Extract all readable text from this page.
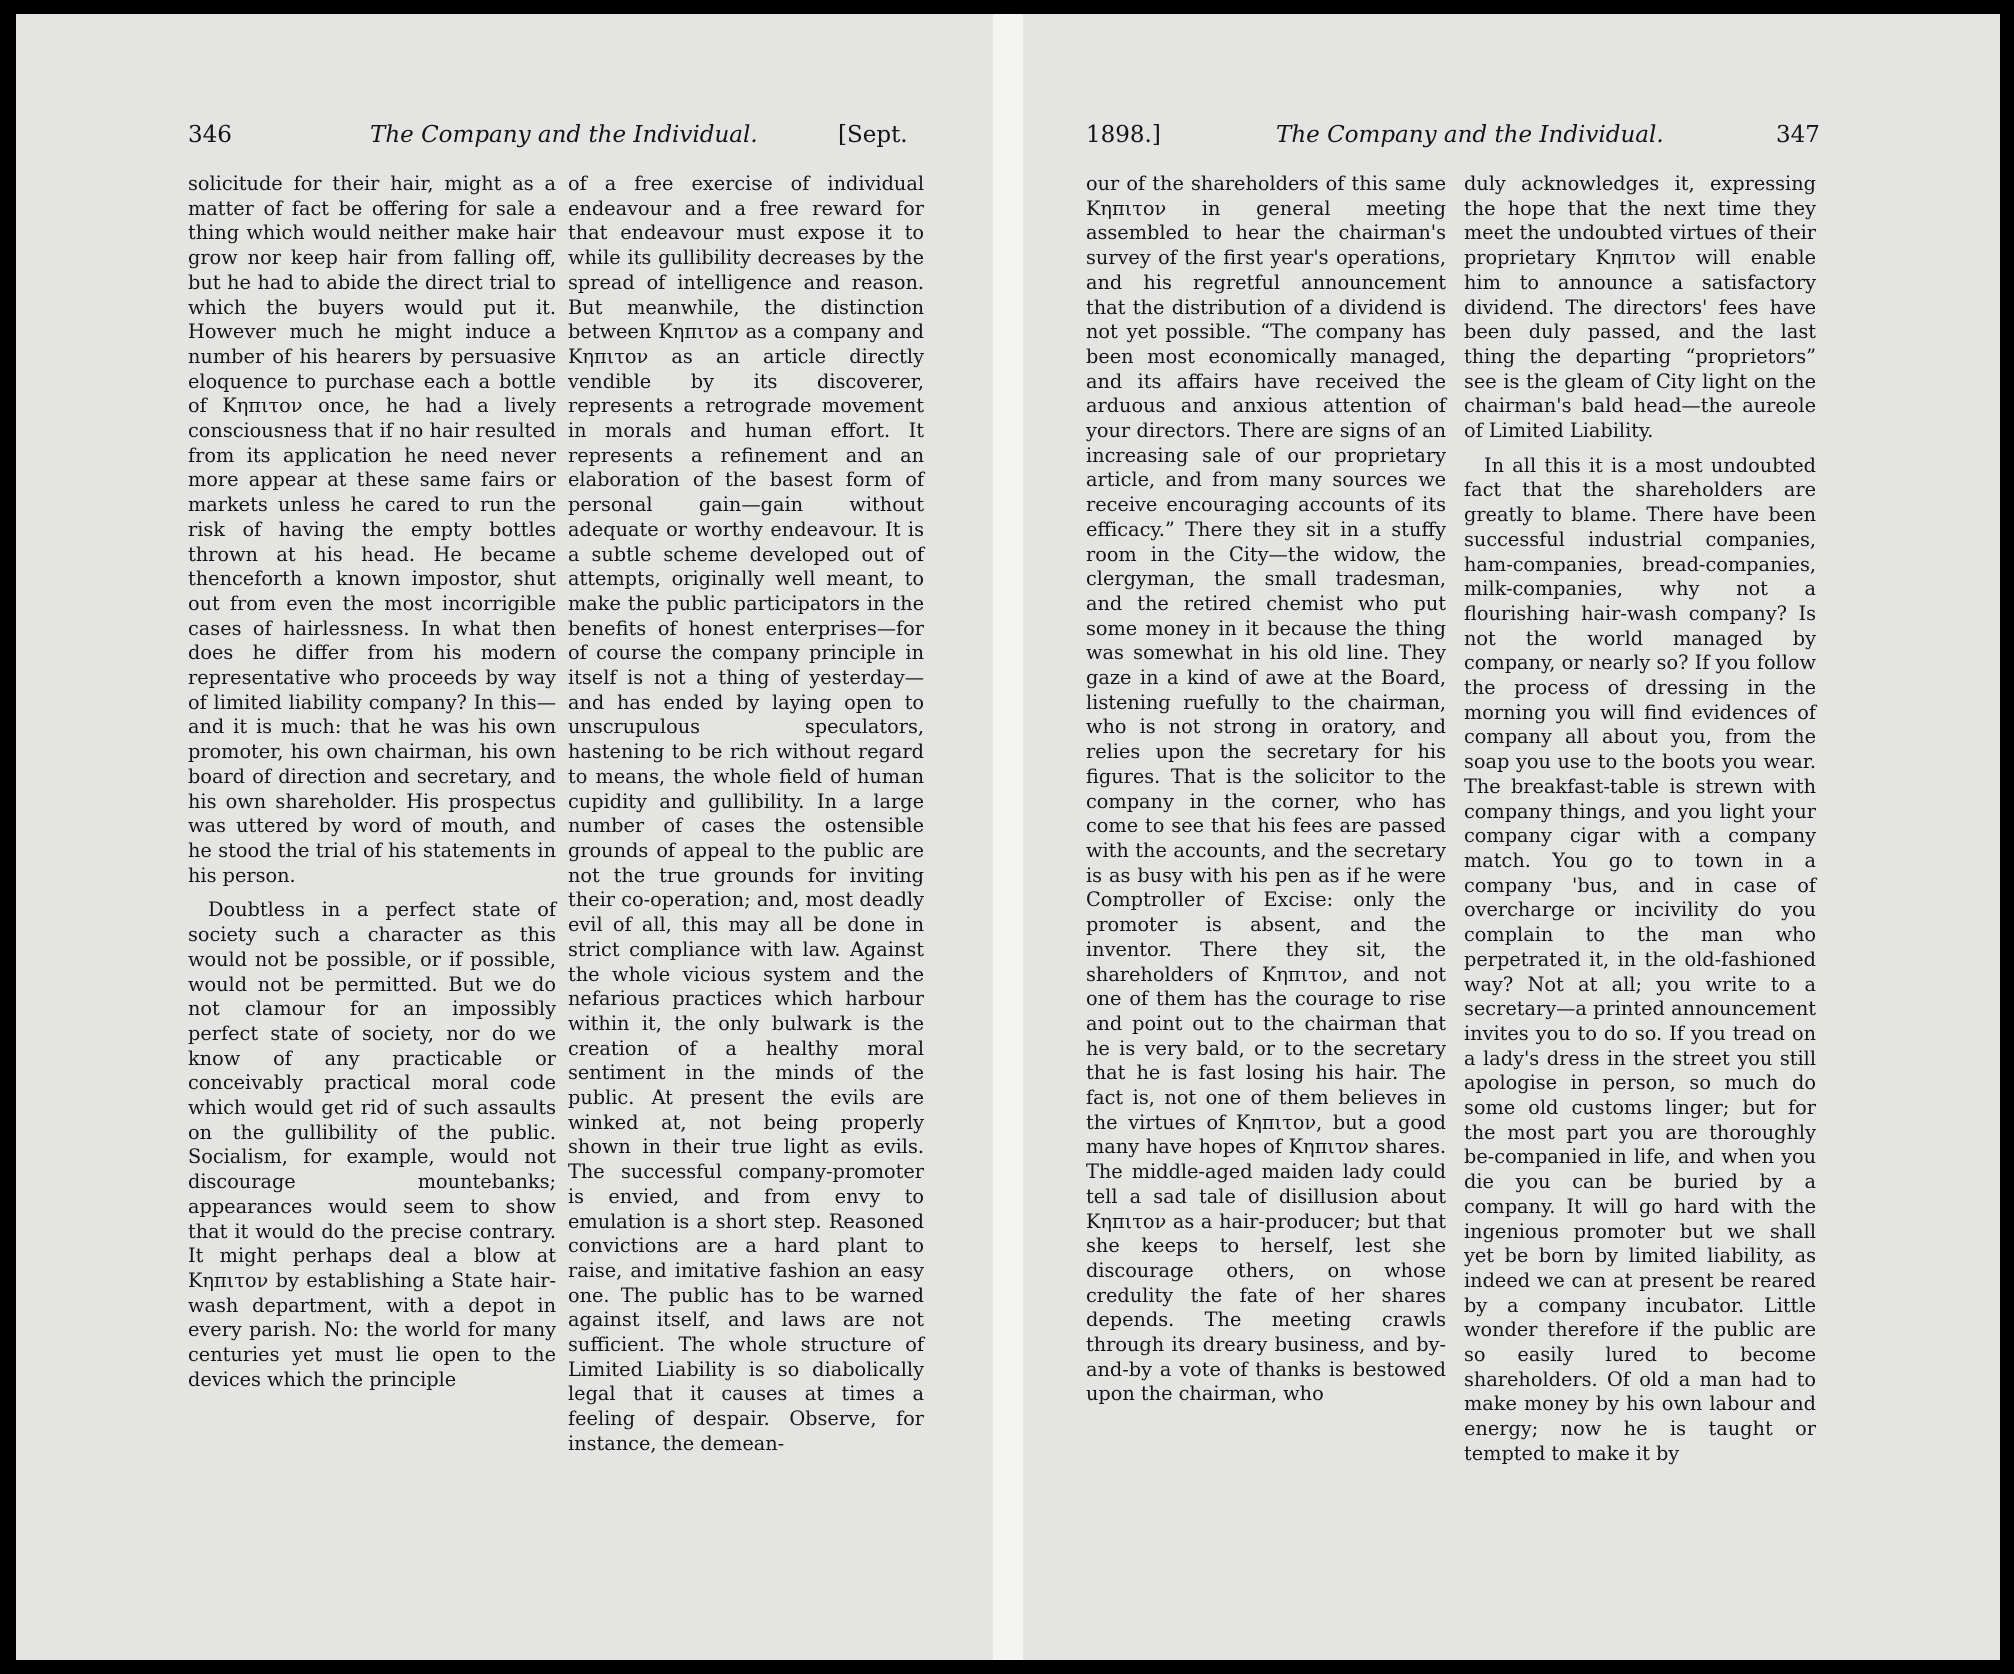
346	The Company and the Individual.	[Sept.	1898.]	The Company and the Individual.	347

solicitude for their hair, might as a matter of fact be offering for sale a thing which would neither make hair grow nor keep hair from falling off, but he had to abide the direct trial to which the buyers would put it. However much he might induce a number of his hearers by persuasive eloquence to purchase each a bottle of Κηπιτον once, he had a lively consciousness that if no hair resulted from its application he need never more appear at these same fairs or markets unless he cared to run the risk of having the empty bottles thrown at his head. He became thenceforth a known impostor, shut out from even the most incorrigible cases of hairlessness. In what then does he differ from his modern representative who proceeds by way of limited liability company? In this—and it is much: that he was his own promoter, his own chairman, his own board of direction and secretary, and his own shareholder. His prospectus was uttered by word of mouth, and he stood the trial of his statements in his person.

Doubtless in a perfect state of society such a character as this would not be possible, or if possible, would not be permitted. But we do not clamour for an impossibly perfect state of society, nor do we know of any practicable or conceivably practical moral code which would get rid of such assaults on the gullibility of the public. Socialism, for example, would not discourage mountebanks; appearances would seem to show that it would do the precise contrary. It might perhaps deal a blow at Κηπιτον by establishing a State hair-wash department, with a depot in every parish. No: the world for many centuries yet must lie open to the devices which the principle

of a free exercise of individual endeavour and a free reward for that endeavour must expose it to while its gullibility decreases by the spread of intelligence and reason. But meanwhile, the distinction between Κηπιτον as a company and Κηπιτον as an article directly vendible by its discoverer, represents a retrograde movement in morals and human effort. It represents a refinement and an elaboration of the basest form of personal gain—gain without adequate or worthy endeavour. It is a subtle scheme developed out of attempts, originally well meant, to make the public participators in the benefits of honest enterprises—for of course the company principle in itself is not a thing of yesterday—and has ended by laying open to unscrupulous speculators, hastening to be rich without regard to means, the whole field of human cupidity and gullibility. In a large number of cases the ostensible grounds of appeal to the public are not the true grounds for inviting their co-operation; and, most deadly evil of all, this may all be done in strict compliance with law. Against the whole vicious system and the nefarious practices which harbour within it, the only bulwark is the creation of a healthy moral sentiment in the minds of the public. At present the evils are winked at, not being properly shown in their true light as evils. The successful company-promoter is envied, and from envy to emulation is a short step. Reasoned convictions are a hard plant to raise, and imitative fashion an easy one. The public has to be warned against itself, and laws are not sufficient. The whole structure of Limited Liability is so diabolically legal that it causes at times a feeling of despair. Observe, for instance, the demean-

our of the shareholders of this same Κηπιτον in general meeting assembled to hear the chairman's survey of the first year's operations, and his regretful announcement that the distribution of a dividend is not yet possible. “The company has been most economically managed, and its affairs have received the arduous and anxious attention of your directors. There are signs of an increasing sale of our proprietary article, and from many sources we receive encouraging accounts of its efficacy.” There they sit in a stuffy room in the City—the widow, the clergyman, the small tradesman, and the retired chemist who put some money in it because the thing was somewhat in his old line. They gaze in a kind of awe at the Board, listening ruefully to the chairman, who is not strong in oratory, and relies upon the secretary for his figures. That is the solicitor to the company in the corner, who has come to see that his fees are passed with the accounts, and the secretary is as busy with his pen as if he were Comptroller of Excise: only the promoter is absent, and the inventor. There they sit, the shareholders of Κηπιτον, and not one of them has the courage to rise and point out to the chairman that he is very bald, or to the secretary that he is fast losing his hair. The fact is, not one of them believes in the virtues of Κηπιτον, but a good many have hopes of Κηπιτον shares. The middle-aged maiden lady could tell a sad tale of disillusion about Κηπιτον as a hair-producer; but that she keeps to herself, lest she discourage others, on whose credulity the fate of her shares depends. The meeting crawls through its dreary business, and by-and-by a vote of thanks is bestowed upon the chairman, who

duly acknowledges it, expressing the hope that the next time they meet the undoubted virtues of their proprietary Κηπιτον will enable him to announce a satisfactory dividend. The directors' fees have been duly passed, and the last thing the departing “proprietors” see is the gleam of City light on the chairman's bald head—the aureole of Limited Liability.

In all this it is a most undoubted fact that the shareholders are greatly to blame. There have been successful industrial companies, ham-companies, bread-companies, milk-companies, why not a flourishing hair-wash company? Is not the world managed by company, or nearly so? If you follow the process of dressing in the morning you will find evidences of company all about you, from the soap you use to the boots you wear. The breakfast-table is strewn with company things, and you light your company cigar with a company match. You go to town in a company 'bus, and in case of overcharge or incivility do you complain to the man who perpetrated it, in the old-fashioned way? Not at all; you write to a secretary—a printed announcement invites you to do so. If you tread on a lady's dress in the street you still apologise in person, so much do some old customs linger; but for the most part you are thoroughly be-companied in life, and when you die you can be buried by a company. It will go hard with the ingenious promoter but we shall yet be born by limited liability, as indeed we can at present be reared by a company incubator. Little wonder therefore if the public are so easily lured to become shareholders. Of old a man had to make money by his own labour and energy; now he is taught or tempted to make it by
